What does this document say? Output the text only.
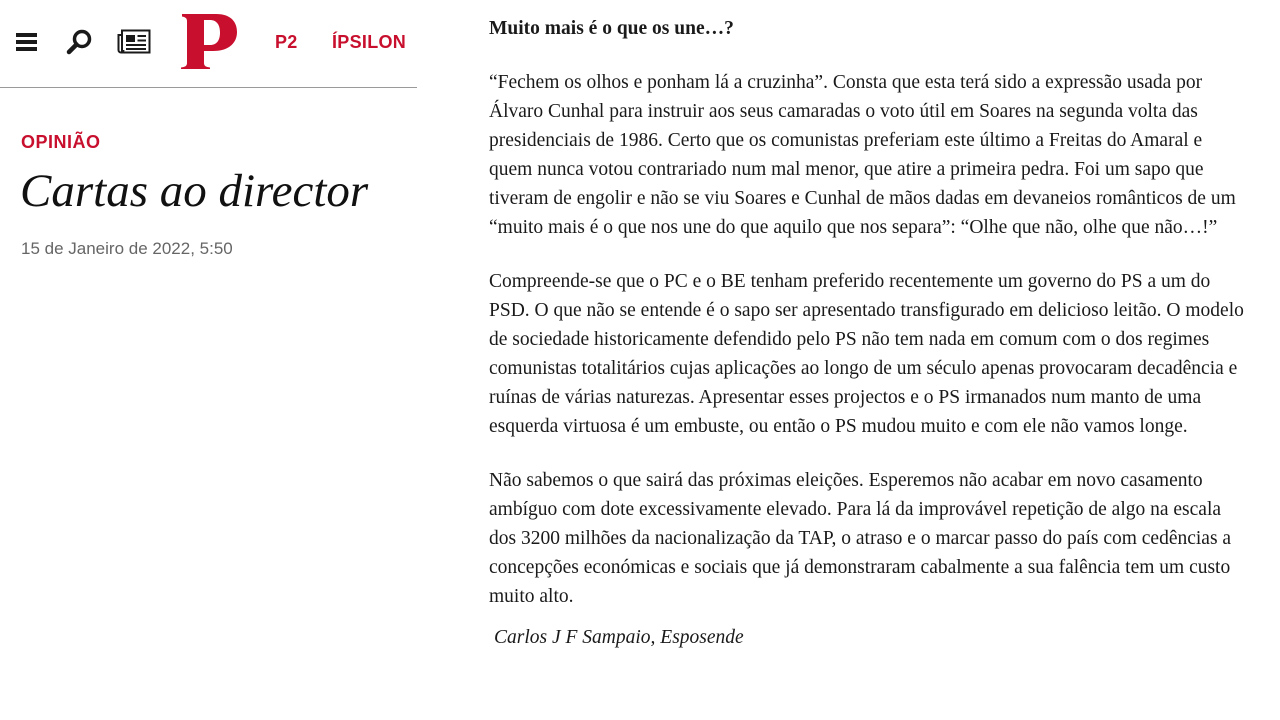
P2 ÍPSILON
OPINIÃO
Cartas ao director
15 de Janeiro de 2022, 5:50
Muito mais é o que os une…?

“Fechem os olhos e ponham lá a cruzinha”. Consta que esta terá sido a expressão usada por Álvaro Cunhal para instruir aos seus camaradas o voto útil em Soares na segunda volta das presidenciais de 1986. Certo que os comunistas preferiam este último a Freitas do Amaral e quem nunca votou contrariado num mal menor, que atire a primeira pedra. Foi um sapo que tiveram de engolir e não se viu Soares e Cunhal de mãos dadas em devaneios românticos de um “muito mais é o que nos une do que aquilo que nos separa”: “Olhe que não, olhe que não…!”

Compreende-se que o PC e o BE tenham preferido recentemente um governo do PS a um do PSD. O que não se entende é o sapo ser apresentado transfigurado em delicioso leitão. O modelo de sociedade historicamente defendido pelo PS não tem nada em comum com o dos regimes comunistas totalitários cujas aplicações ao longo de um século apenas provocaram decadência e ruínas de várias naturezas. Apresentar esses projectos e o PS irmanados num manto de uma esquerda virtuosa é um embuste, ou então o PS mudou muito e com ele não vamos longe.

Não sabemos o que sairá das próximas eleições. Esperemos não acabar em novo casamento ambíguo com dote excessivamente elevado. Para lá da improvável repetição de algo na escala dos 3200 milhões da nacionalização da TAP, o atraso e o marcar passo do país com cedências a concepções económicas e sociais que já demonstraram cabalmente a sua falência tem um custo muito alto.

Carlos J F Sampaio, Esposende
